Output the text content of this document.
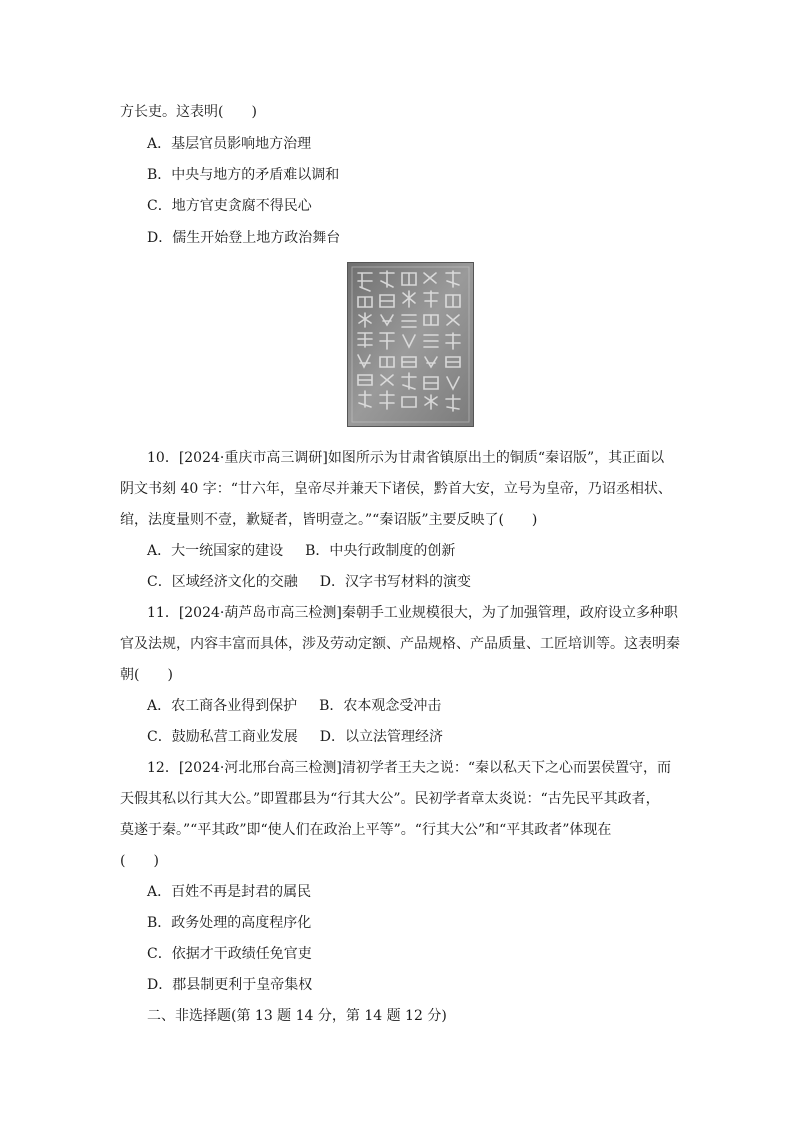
方长吏。这表明(　　)
A．基层官员影响地方治理
B．中央与地方的矛盾难以调和
C．地方官吏贪腐不得民心
D．儒生开始登上地方政治舞台
10．[2024·重庆市高三调研]如图所示为甘肃省镇原出土的铜质“秦诏版”，其正面以
阴文书刻 40 字：“廿六年，皇帝尽并兼天下诸侯，黔首大安，立号为皇帝，乃诏丞相状、
绾，法度量则不壹，歉疑者，皆明壹之。”“秦诏版”主要反映了(　　)
A．大一统国家的建设 B．中央行政制度的创新
C．区域经济文化的交融 D．汉字书写材料的演变
11．[2024·葫芦岛市高三检测]秦朝手工业规模很大，为了加强管理，政府设立多种职
官及法规，内容丰富而具体，涉及劳动定额、产品规格、产品质量、工匠培训等。这表明秦
朝(　　)
A．农工商各业得到保护 B．农本观念受冲击
C．鼓励私营工商业发展 D．以立法管理经济
12．[2024·河北邢台高三检测]清初学者王夫之说：“秦以私天下之心而罢侯置守，而
天假其私以行其大公。”即置郡县为“行其大公”。民初学者章太炎说：“古先民平其政者，
莫遂于秦。”“平其政”即“使人们在政治上平等”。“行其大公”和“平其政者”体现在
(　　)
A．百姓不再是封君的属民
B．政务处理的高度程序化
C．依据才干政绩任免官吏
D．郡县制更利于皇帝集权
二、非选择题(第 13 题 14 分，第 14 题 12 分)
